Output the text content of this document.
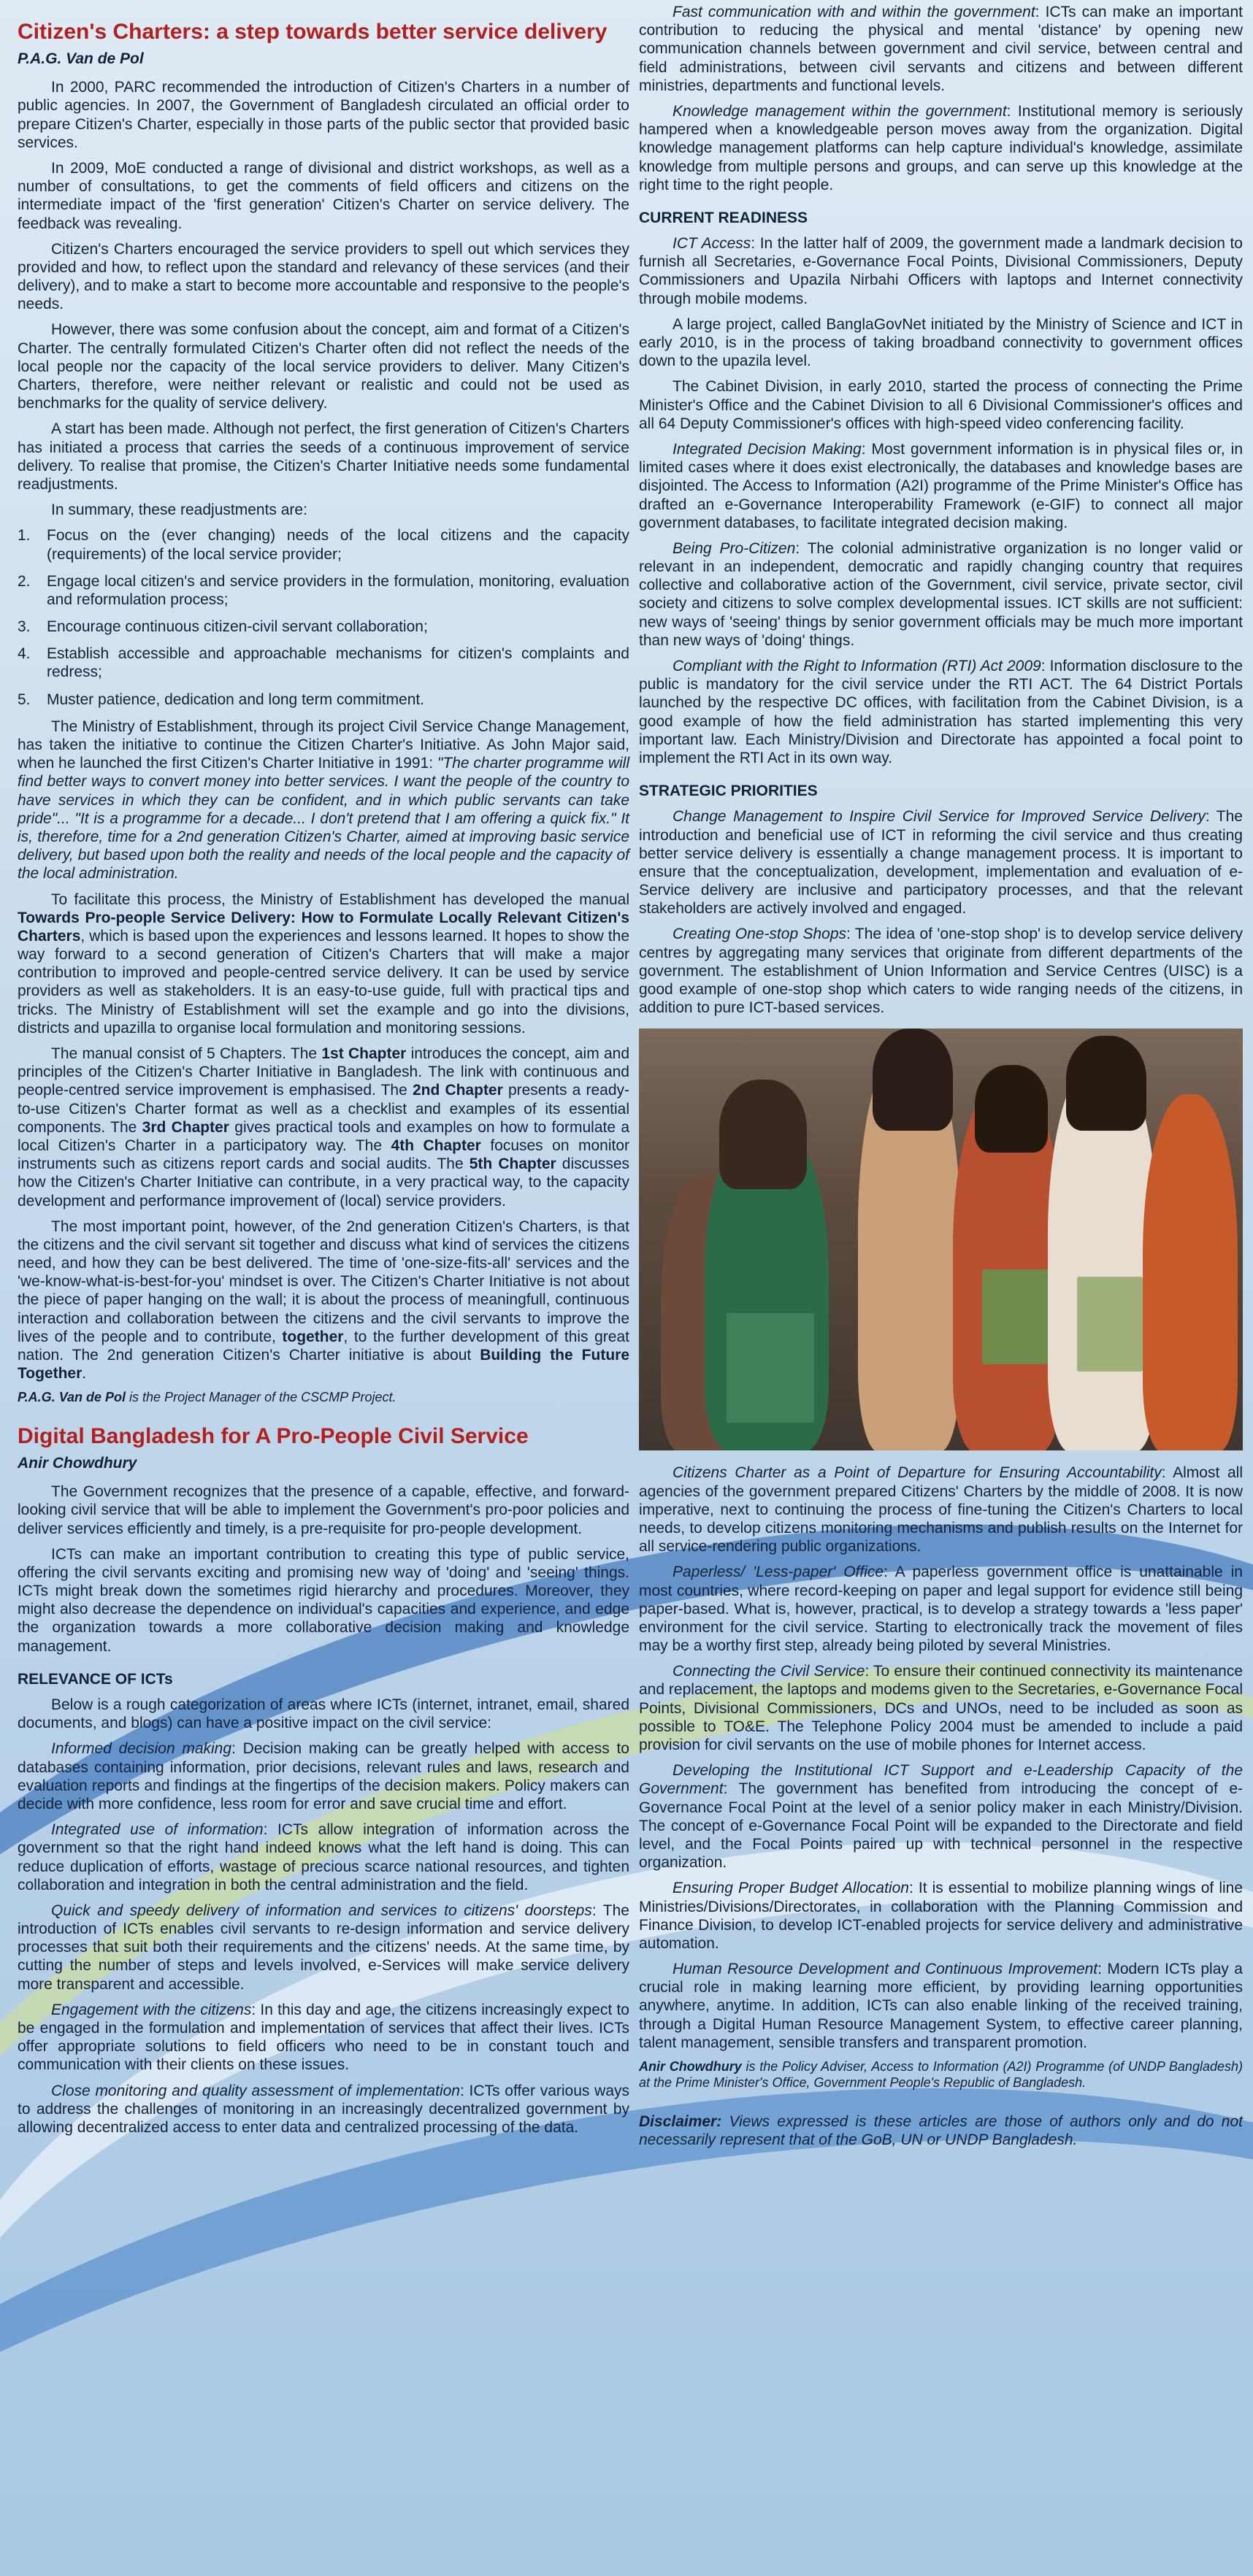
Citizen's Charters: a step towards better service delivery
P.A.G. Van de Pol

In 2000, PARC recommended the introduction of Citizen's Charters in a number of public agencies. In 2007, the Government of Bangladesh circulated an official order to prepare Citizen's Charter, especially in those parts of the public sector that provided basic services.

In 2009, MoE conducted a range of divisional and district workshops, as well as a number of consultations, to get the comments of field officers and citizens on the intermediate impact of the 'first generation' Citizen's Charter on service delivery. The feedback was revealing.

Citizen's Charters encouraged the service providers to spell out which services they provided and how, to reflect upon the standard and relevancy of these services (and their delivery), and to make a start to become more accountable and responsive to the people's needs.

However, there was some confusion about the concept, aim and format of a Citizen's Charter. The centrally formulated Citizen's Charter often did not reflect the needs of the local people nor the capacity of the local service providers to deliver. Many Citizen's Charters, therefore, were neither relevant or realistic and could not be used as benchmarks for the quality of service delivery.

A start has been made. Although not perfect, the first generation of Citizen's Charters has initiated a process that carries the seeds of a continuous improvement of service delivery. To realise that promise, the Citizen's Charter Initiative needs some fundamental readjustments.

In summary, these readjustments are:

1.	Focus on the (ever changing) needs of the local citizens and the capacity (requirements) of the local service provider;
2.	Engage local citizen's and service providers in the formulation, monitoring, evaluation and reformulation process;
3.	Encourage continuous citizen-civil servant collaboration;
4.	Establish accessible and approachable mechanisms for citizen's complaints and redress;
5.	Muster patience, dedication and long term commitment.

The Ministry of Establishment, through its project Civil Service Change Management, has taken the initiative to continue the Citizen Charter's Initiative. As John Major said, when he launched the first Citizen's Charter Initiative in 1991: "The charter programme will find better ways to convert money into better services. I want the people of the country to have services in which they can be confident, and in which public servants can take pride"... "It is a programme for a decade... I don't pretend that I am offering a quick fix." It is, therefore, time for a 2nd generation Citizen's Charter, aimed at improving basic service delivery, but based upon both the reality and needs of the local people and the capacity of the local administration.

To facilitate this process, the Ministry of Establishment has developed the manual Towards Pro-people Service Delivery: How to Formulate Locally Relevant Citizen's Charters, which is based upon the experiences and lessons learned. It hopes to show the way forward to a second generation of Citizen's Charters that will make a major contribution to improved and people-centred service delivery. It can be used by service providers as well as stakeholders. It is an easy-to-use guide, full with practical tips and tricks. The Ministry of Establishment will set the example and go into the divisions, districts and upazilla to organise local formulation and monitoring sessions.

The manual consist of 5 Chapters. The 1st Chapter introduces the concept, aim and principles of the Citizen's Charter Initiative in Bangladesh. The link with continuous and people-centred service improvement is emphasised. The 2nd Chapter presents a ready-to-use Citizen's Charter format as well as a checklist and examples of its essential components. The 3rd Chapter gives practical tools and examples on how to formulate a local Citizen's Charter in a participatory way. The 4th Chapter focuses on monitor instruments such as citizens report cards and social audits. The 5th Chapter discusses how the Citizen's Charter Initiative can contribute, in a very practical way, to the capacity development and performance improvement of (local) service providers.

The most important point, however, of the 2nd generation Citizen's Charters, is that the citizens and the civil servant sit together and discuss what kind of services the citizens need, and how they can be best delivered. The time of 'one-size-fits-all' services and the 'we-know-what-is-best-for-you' mindset is over. The Citizen's Charter Initiative is not about the piece of paper hanging on the wall; it is about the process of meaningfull, continuous interaction and collaboration between the citizens and the civil servants to improve the lives of the people and to contribute, together, to the further development of this great nation. The 2nd generation Citizen's Charter initiative is about Building the Future Together.

P.A.G. Van de Pol is the Project Manager of the CSCMP Project.
Digital Bangladesh for A Pro-People Civil Service
Anir Chowdhury

The Government recognizes that the presence of a capable, effective, and forward-looking civil service that will be able to implement the Government's pro-poor policies and deliver services efficiently and timely, is a pre-requisite for pro-people development.

ICTs can make an important contribution to creating this type of public service, offering the civil servants exciting and promising new way of 'doing' and 'seeing' things. ICTs might break down the sometimes rigid hierarchy and procedures. Moreover, they might also decrease the dependence on individual's capacities and experience, and edge the organization towards a more collaborative decision making and knowledge management.

RELEVANCE OF ICTs

Below is a rough categorization of areas where ICTs (internet, intranet, email, shared documents, and blogs) can have a positive impact on the civil service:

Informed decision making: Decision making can be greatly helped with access to databases containing information, prior decisions, relevant rules and laws, research and evaluation reports and findings at the fingertips of the decision makers. Policy makers can decide with more confidence, less room for error and save crucial time and effort.

Integrated use of information: ICTs allow integration of information across the government so that the right hand indeed knows what the left hand is doing. This can reduce duplication of efforts, wastage of precious scarce national resources, and tighten collaboration and integration in both the central administration and the field.

Quick and speedy delivery of information and services to citizens' doorsteps: The introduction of ICTs enables civil servants to re-design information and service delivery processes that suit both their requirements and the citizens' needs. At the same time, by cutting the number of steps and levels involved, e-Services will make service delivery more transparent and accessible.

Engagement with the citizens: In this day and age, the citizens increasingly expect to be engaged in the formulation and implementation of services that affect their lives. ICTs offer appropriate solutions to field officers who need to be in constant touch and communication with their clients on these issues.

Close monitoring and quality assessment of implementation: ICTs offer various ways to address the challenges of monitoring in an increasingly decentralized government by allowing decentralized access to enter data and centralized processing of the data.

Fast communication with and within the government: ICTs can make an important contribution to reducing the physical and mental 'distance' by opening new communication channels between government and civil service, between central and field administrations, between civil servants and citizens and between different ministries, departments and functional levels.

Knowledge management within the government: Institutional memory is seriously hampered when a knowledgeable person moves away from the organization. Digital knowledge management platforms can help capture individual's knowledge, assimilate knowledge from multiple persons and groups, and can serve up this knowledge at the right time to the right people.

CURRENT READINESS

ICT Access: In the latter half of 2009, the government made a landmark decision to furnish all Secretaries, e-Governance Focal Points, Divisional Commissioners, Deputy Commissioners and Upazila Nirbahi Officers with laptops and Internet connectivity through mobile modems.

A large project, called BanglaGovNet initiated by the Ministry of Science and ICT in early 2010, is in the process of taking broadband connectivity to government offices down to the upazila level.

The Cabinet Division, in early 2010, started the process of connecting the Prime Minister's Office and the Cabinet Division to all 6 Divisional Commissioner's offices and all 64 Deputy Commissioner's offices with high-speed video conferencing facility.

Integrated Decision Making: Most government information is in physical files or, in limited cases where it does exist electronically, the databases and knowledge bases are disjointed. The Access to Information (A2I) programme of the Prime Minister's Office has drafted an e-Governance Interoperability Framework (e-GIF) to connect all major government databases, to facilitate integrated decision making.

Being Pro-Citizen: The colonial administrative organization is no longer valid or relevant in an independent, democratic and rapidly changing country that requires collective and collaborative action of the Government, civil service, private sector, civil society and citizens to solve complex developmental issues. ICT skills are not sufficient: new ways of 'seeing' things by senior government officials may be much more important than new ways of 'doing' things.

Compliant with the Right to Information (RTI) Act 2009: Information disclosure to the public is mandatory for the civil service under the RTI ACT. The 64 District Portals launched by the respective DC offices, with facilitation from the Cabinet Division, is a good example of how the field administration has started implementing this very important law. Each Ministry/Division and Directorate has appointed a focal point to implement the RTI Act in its own way.

STRATEGIC PRIORITIES

Change Management to Inspire Civil Service for Improved Service Delivery: The introduction and beneficial use of ICT in reforming the civil service and thus creating better service delivery is essentially a change management process. It is important to ensure that the conceptualization, development, implementation and evaluation of e-Service delivery are inclusive and participatory processes, and that the relevant stakeholders are actively involved and engaged.

Creating One-stop Shops: The idea of 'one-stop shop' is to develop service delivery centres by aggregating many services that originate from different departments of the government. The establishment of Union Information and Service Centres (UISC) is a good example of one-stop shop which caters to wide ranging needs of the citizens, in addition to pure ICT-based services.

Citizens Charter as a Point of Departure for Ensuring Accountability: Almost all agencies of the government prepared Citizens' Charters by the middle of 2008. It is now imperative, next to continuing the process of fine-tuning the Citizen's Charters to local needs, to develop citizens monitoring mechanisms and publish results on the Internet for all service-rendering public organizations.

Paperless/ 'Less-paper' Office: A paperless government office is unattainable in most countries, where record-keeping on paper and legal support for evidence still being paper-based. What is, however, practical, is to develop a strategy towards a 'less paper' environment for the civil service. Starting to electronically track the movement of files may be a worthy first step, already being piloted by several Ministries.

Connecting the Civil Service: To ensure their continued connectivity its maintenance and replacement, the laptops and modems given to the Secretaries, e-Governance Focal Points, Divisional Commissioners, DCs and UNOs, need to be included as soon as possible to TO&E. The Telephone Policy 2004 must be amended to include a paid provision for civil servants on the use of mobile phones for Internet access.

Developing the Institutional ICT Support and e-Leadership Capacity of the Government: The government has benefited from introducing the concept of e-Governance Focal Point at the level of a senior policy maker in each Ministry/Division. The concept of e-Governance Focal Point will be expanded to the Directorate and field level, and the Focal Points paired up with technical personnel in the respective organization.

Ensuring Proper Budget Allocation: It is essential to mobilize planning wings of line Ministries/Divisions/Directorates, in collaboration with the Planning Commission and Finance Division, to develop ICT-enabled projects for service delivery and administrative automation.

Human Resource Development and Continuous Improvement: Modern ICTs play a crucial role in making learning more efficient, by providing learning opportunities anywhere, anytime. In addition, ICTs can also enable linking of the received training, through a Digital Human Resource Management System, to effective career planning, talent management, sensible transfers and transparent promotion.

Anir Chowdhury is the Policy Adviser, Access to Information (A2I) Programme (of UNDP Bangladesh) at the Prime Minister's Office, Government People's Republic of Bangladesh.
Disclaimer: Views expressed is these articles are those of authors only and do not necessarily represent that of the GoB, UN or UNDP Bangladesh.
